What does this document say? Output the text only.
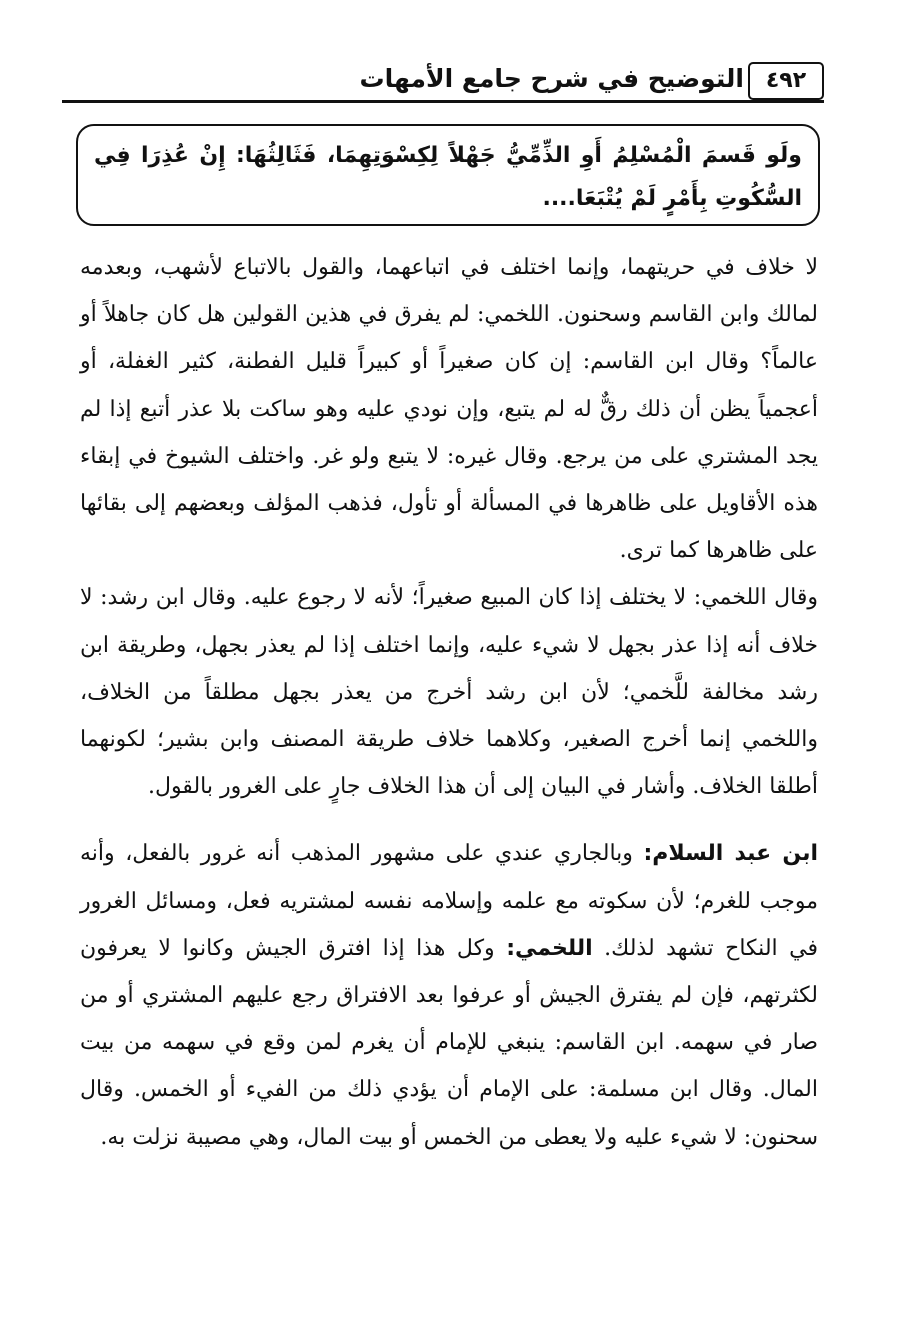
٤٩٢
التوضيح في شرح جامع الأمهات

ولَو قَسمَ الْمُسْلِمُ أَوِ الذِّمِّيُّ جَهْلاً لِكِسْوَتِهِمَا، فَثَالِثُهَا: إِنْ عُذِرَا فِي السُّكُوتِ بِأَمْرٍ لَمْ يُتْبَعَا....

لا خلاف في حريتهما، وإنما اختلف في اتباعهما، والقول بالاتباع لأشهب، وبعدمه لمالك وابن القاسم وسحنون. اللخمي: لم يفرق في هذين القولين هل كان جاهلاً أو عالماً؟ وقال ابن القاسم: إن كان صغيراً أو كبيراً قليل الفطنة، كثير الغفلة، أو أعجمياً يظن أن ذلك رقٌّ له لم يتبع، وإن نودي عليه وهو ساكت بلا عذر أتبع إذا لم يجد المشتري على من يرجع. وقال غيره: لا يتبع ولو غر. واختلف الشيوخ في إبقاء هذه الأقاويل على ظاهرها في المسألة أو تأول، فذهب المؤلف وبعضهم إلى بقائها على ظاهرها كما ترى.

وقال اللخمي: لا يختلف إذا كان المبيع صغيراً؛ لأنه لا رجوع عليه. وقال ابن رشد: لا خلاف أنه إذا عذر بجهل لا شيء عليه، وإنما اختلف إذا لم يعذر بجهل، وطريقة ابن رشد مخالفة للَّخمي؛ لأن ابن رشد أخرج من يعذر بجهل مطلقاً من الخلاف، واللخمي إنما أخرج الصغير، وكلاهما خلاف طريقة المصنف وابن بشير؛ لكونهما أطلقا الخلاف. وأشار في البيان إلى أن هذا الخلاف جارٍ على الغرور بالقول.

ابن عبد السلام: وبالجاري عندي على مشهور المذهب أنه غرور بالفعل، وأنه موجب للغرم؛ لأن سكوته مع علمه وإسلامه نفسه لمشتريه فعل، ومسائل الغرور في النكاح تشهد لذلك. اللخمي: وكل هذا إذا افترق الجيش وكانوا لا يعرفون لكثرتهم، فإن لم يفترق الجيش أو عرفوا بعد الافتراق رجع عليهم المشتري أو من صار في سهمه. ابن القاسم: ينبغي للإمام أن يغرم لمن وقع في سهمه من بيت المال. وقال ابن مسلمة: على الإمام أن يؤدي ذلك من الفيء أو الخمس. وقال سحنون: لا شيء عليه ولا يعطى من الخمس أو بيت المال، وهي مصيبة نزلت به.
